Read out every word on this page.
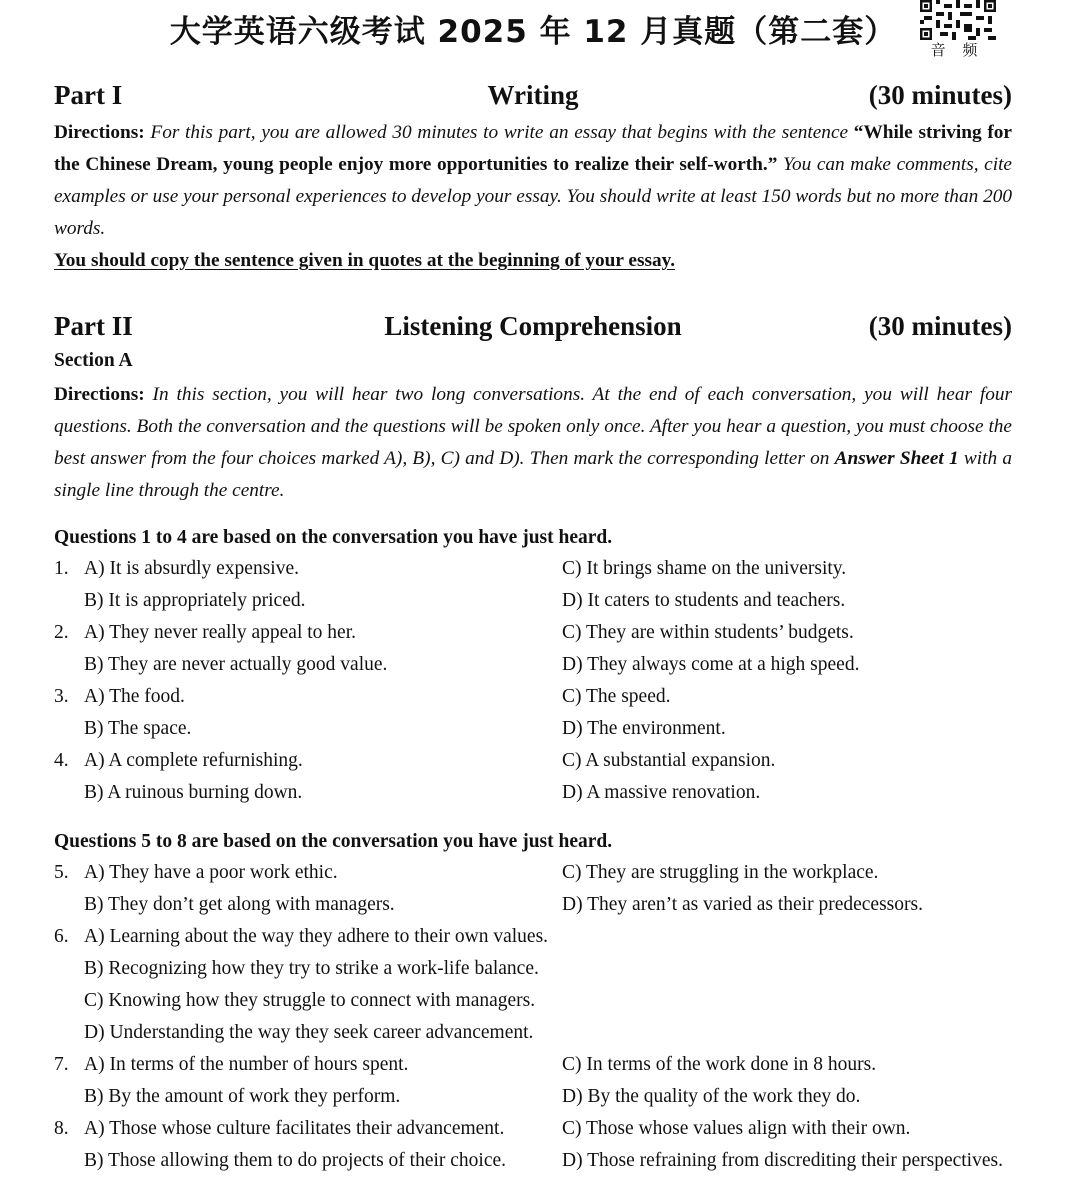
大学英语六级考试 2025 年 12 月真题（第二套）	音 频
Part I	Writing	(30 minutes)
Directions: For this part, you are allowed 30 minutes to write an essay that begins with the sentence “While striving for the Chinese Dream, young people enjoy more opportunities to realize their self-worth.” You can make comments, cite examples or use your personal experiences to develop your essay. You should write at least 150 words but no more than 200 words.
You should copy the sentence given in quotes at the beginning of your essay.
Part II	Listening Comprehension	(30 minutes)
Section A
Directions: In this section, you will hear two long conversations. At the end of each conversation, you will hear four questions. Both the conversation and the questions will be spoken only once. After you hear a question, you must choose the best answer from the four choices marked A), B), C) and D). Then mark the corresponding letter on Answer Sheet 1 with a single line through the centre.
Questions 1 to 4 are based on the conversation you have just heard.
Questions 5 to 8 are based on the conversation you have just heard.
1. A) It is absurdly expensive.	C) It brings shame on the university.
B) It is appropriately priced.	D) It caters to students and teachers.
2. A) They never really appeal to her.	C) They are within students’ budgets.
B) They are never actually good value.	D) They always come at a high speed.
3. A) The food.	C) The speed.
B) The space.	D) The environment.
4. A) A complete refurnishing.	C) A substantial expansion.
B) A ruinous burning down.	D) A massive renovation.
5. A) They have a poor work ethic.	C) They are struggling in the workplace.
B) They don’t get along with managers.	D) They aren’t as varied as their predecessors.
6. A) Learning about the way they adhere to their own values.
B) Recognizing how they try to strike a work-life balance.
C) Knowing how they struggle to connect with managers.
D) Understanding the way they seek career advancement.
7. A) In terms of the number of hours spent.	C) In terms of the work done in 8 hours.
B) By the amount of work they perform.	D) By the quality of the work they do.
8. A) Those whose culture facilitates their advancement.	C) Those whose values align with their own.
B) Those allowing them to do projects of their choice.	D) Those refraining from discrediting their perspectives.
